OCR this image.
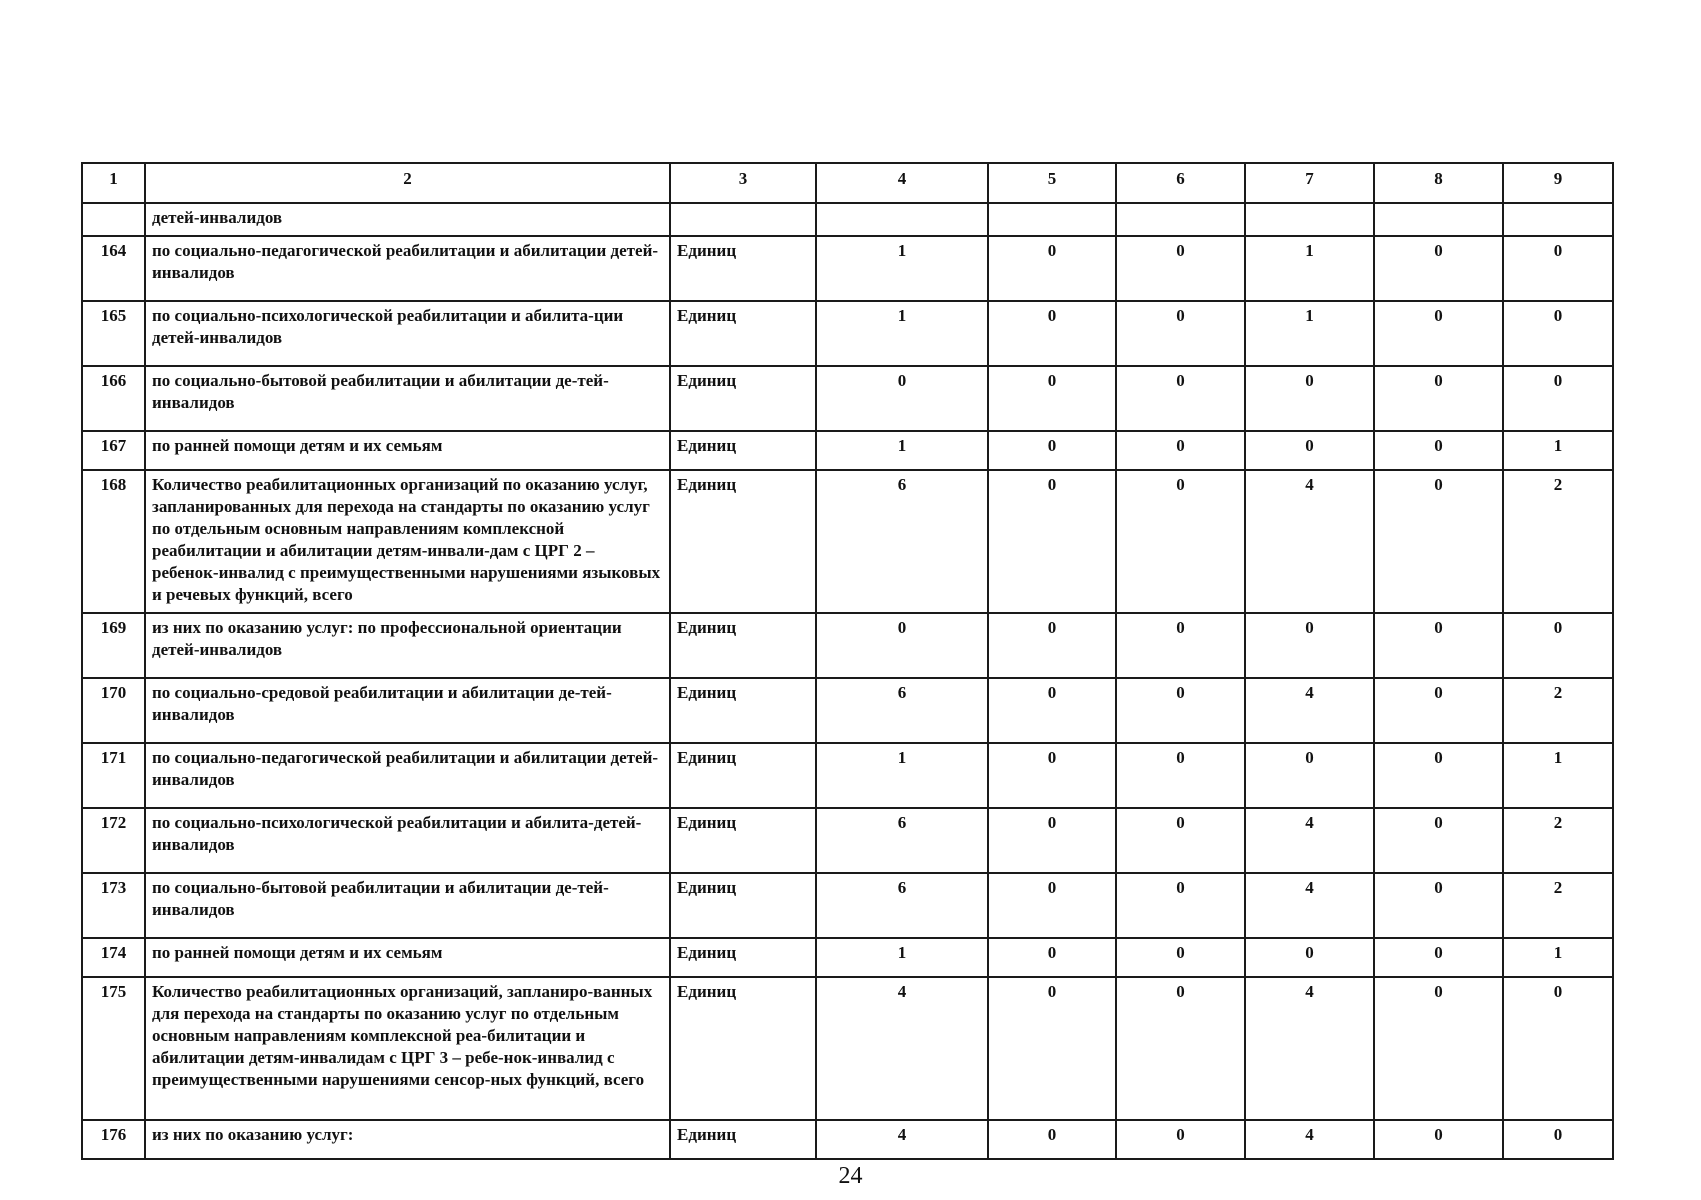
1	2	3	4	5	6	7	8	9
	детей-инвалидов							
164	по социально-педагогической реабилитации и абилитации детей-инвалидов	Единиц	1	0	0	1	0	0
165	по социально-психологической реабилитации и абилита-ции детей-инвалидов	Единиц	1	0	0	1	0	0
166	по социально-бытовой реабилитации и абилитации де-тей-инвалидов	Единиц	0	0	0	0	0	0
167	по ранней помощи детям и их семьям	Единиц	1	0	0	0	0	1
168	Количество реабилитационных организаций по оказанию услуг, запланированных для перехода на стандарты по оказанию услуг по отдельным основным направлениям комплексной реабилитации и абилитации детям-инвали-дам с ЦРГ 2 – ребенок-инвалид с преимущественными нарушениями языковых и речевых функций, всего	Единиц	6	0	0	4	0	2
169	из них по оказанию услуг: по профессиональной ориентации детей-инвалидов	Единиц	0	0	0	0	0	0
170	по социально-средовой реабилитации и абилитации де-тей-инвалидов	Единиц	6	0	0	4	0	2
171	по социально-педагогической реабилитации и абилитации детей-инвалидов	Единиц	1	0	0	0	0	1
172	по социально-психологической реабилитации и абилита-детей-инвалидов	Единиц	6	0	0	4	0	2
173	по социально-бытовой реабилитации и абилитации де-тей-инвалидов	Единиц	6	0	0	4	0	2
174	по ранней помощи детям и их семьям	Единиц	1	0	0	0	0	1
175	Количество реабилитационных организаций, запланиро-ванных для перехода на стандарты по оказанию услуг по отдельным основным направлениям комплексной реа-билитации и абилитации детям-инвалидам с ЦРГ 3 – ребе-нок-инвалид с преимущественными нарушениями сенсор-ных функций, всего	Единиц	4	0	0	4	0	0
176	из них по оказанию услуг:	Единиц	4	0	0	4	0	0
24
